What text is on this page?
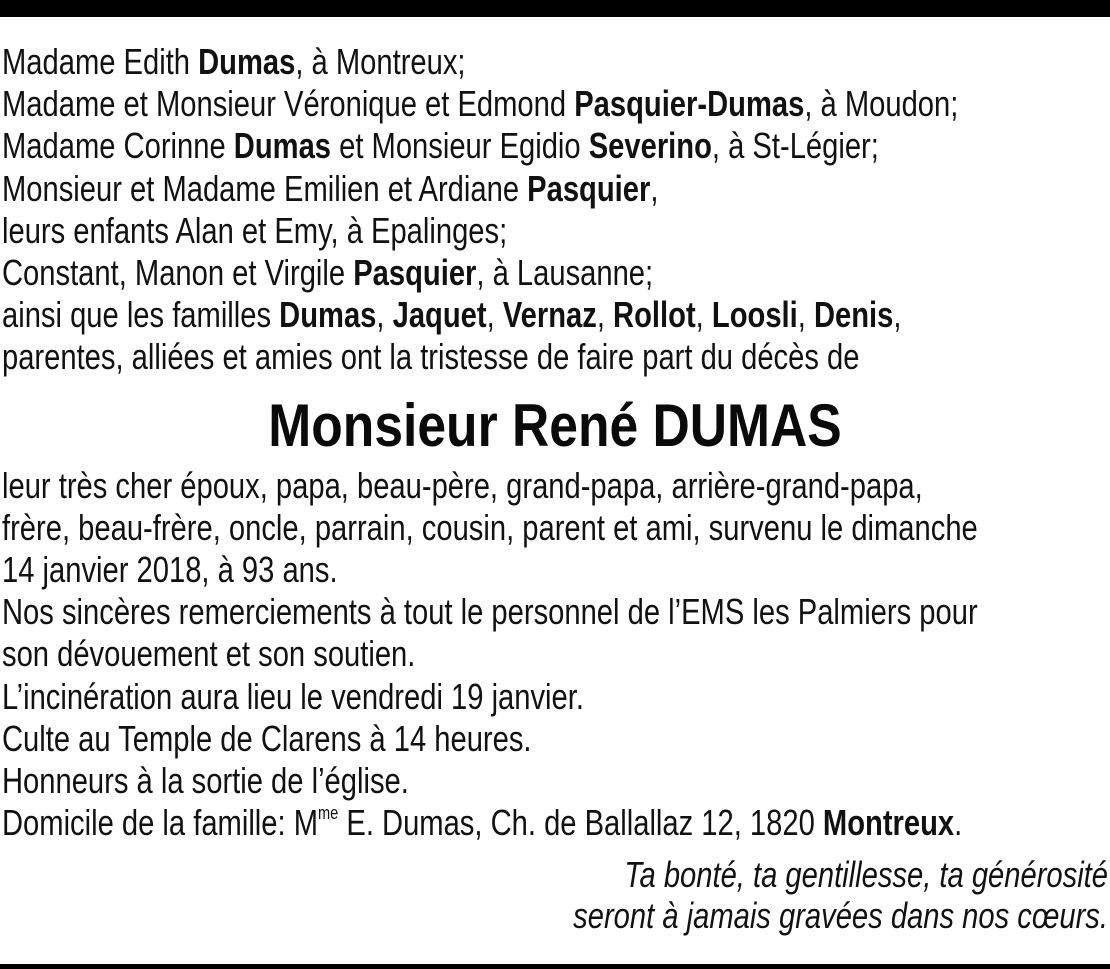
Madame Edith Dumas, à Montreux;
Madame et Monsieur Véronique et Edmond Pasquier-Dumas, à Moudon;
Madame Corinne Dumas et Monsieur Egidio Severino, à St-Légier;
Monsieur et Madame Emilien et Ardiane Pasquier,
leurs enfants Alan et Emy, à Epalinges;
Constant, Manon et Virgile Pasquier, à Lausanne;
ainsi que les familles Dumas, Jaquet, Vernaz, Rollot, Loosli, Denis,
parentes, alliées et amies ont la tristesse de faire part du décès de
Monsieur René DUMAS
leur très cher époux, papa, beau-père, grand-papa, arrière-grand-papa,
frère, beau-frère, oncle, parrain, cousin, parent et ami, survenu le dimanche
14 janvier 2018, à 93 ans.
Nos sincères remerciements à tout le personnel de l’EMS les Palmiers pour
son dévouement et son soutien.
L’incinération aura lieu le vendredi 19 janvier.
Culte au Temple de Clarens à 14 heures.
Honneurs à la sortie de l’église.
Domicile de la famille: $M^{me}$ E. Dumas, Ch. de Ballallaz 12, 1820 Montreux.
Ta bonté, ta gentillesse, ta générosité
seront à jamais gravées dans nos cœurs.
